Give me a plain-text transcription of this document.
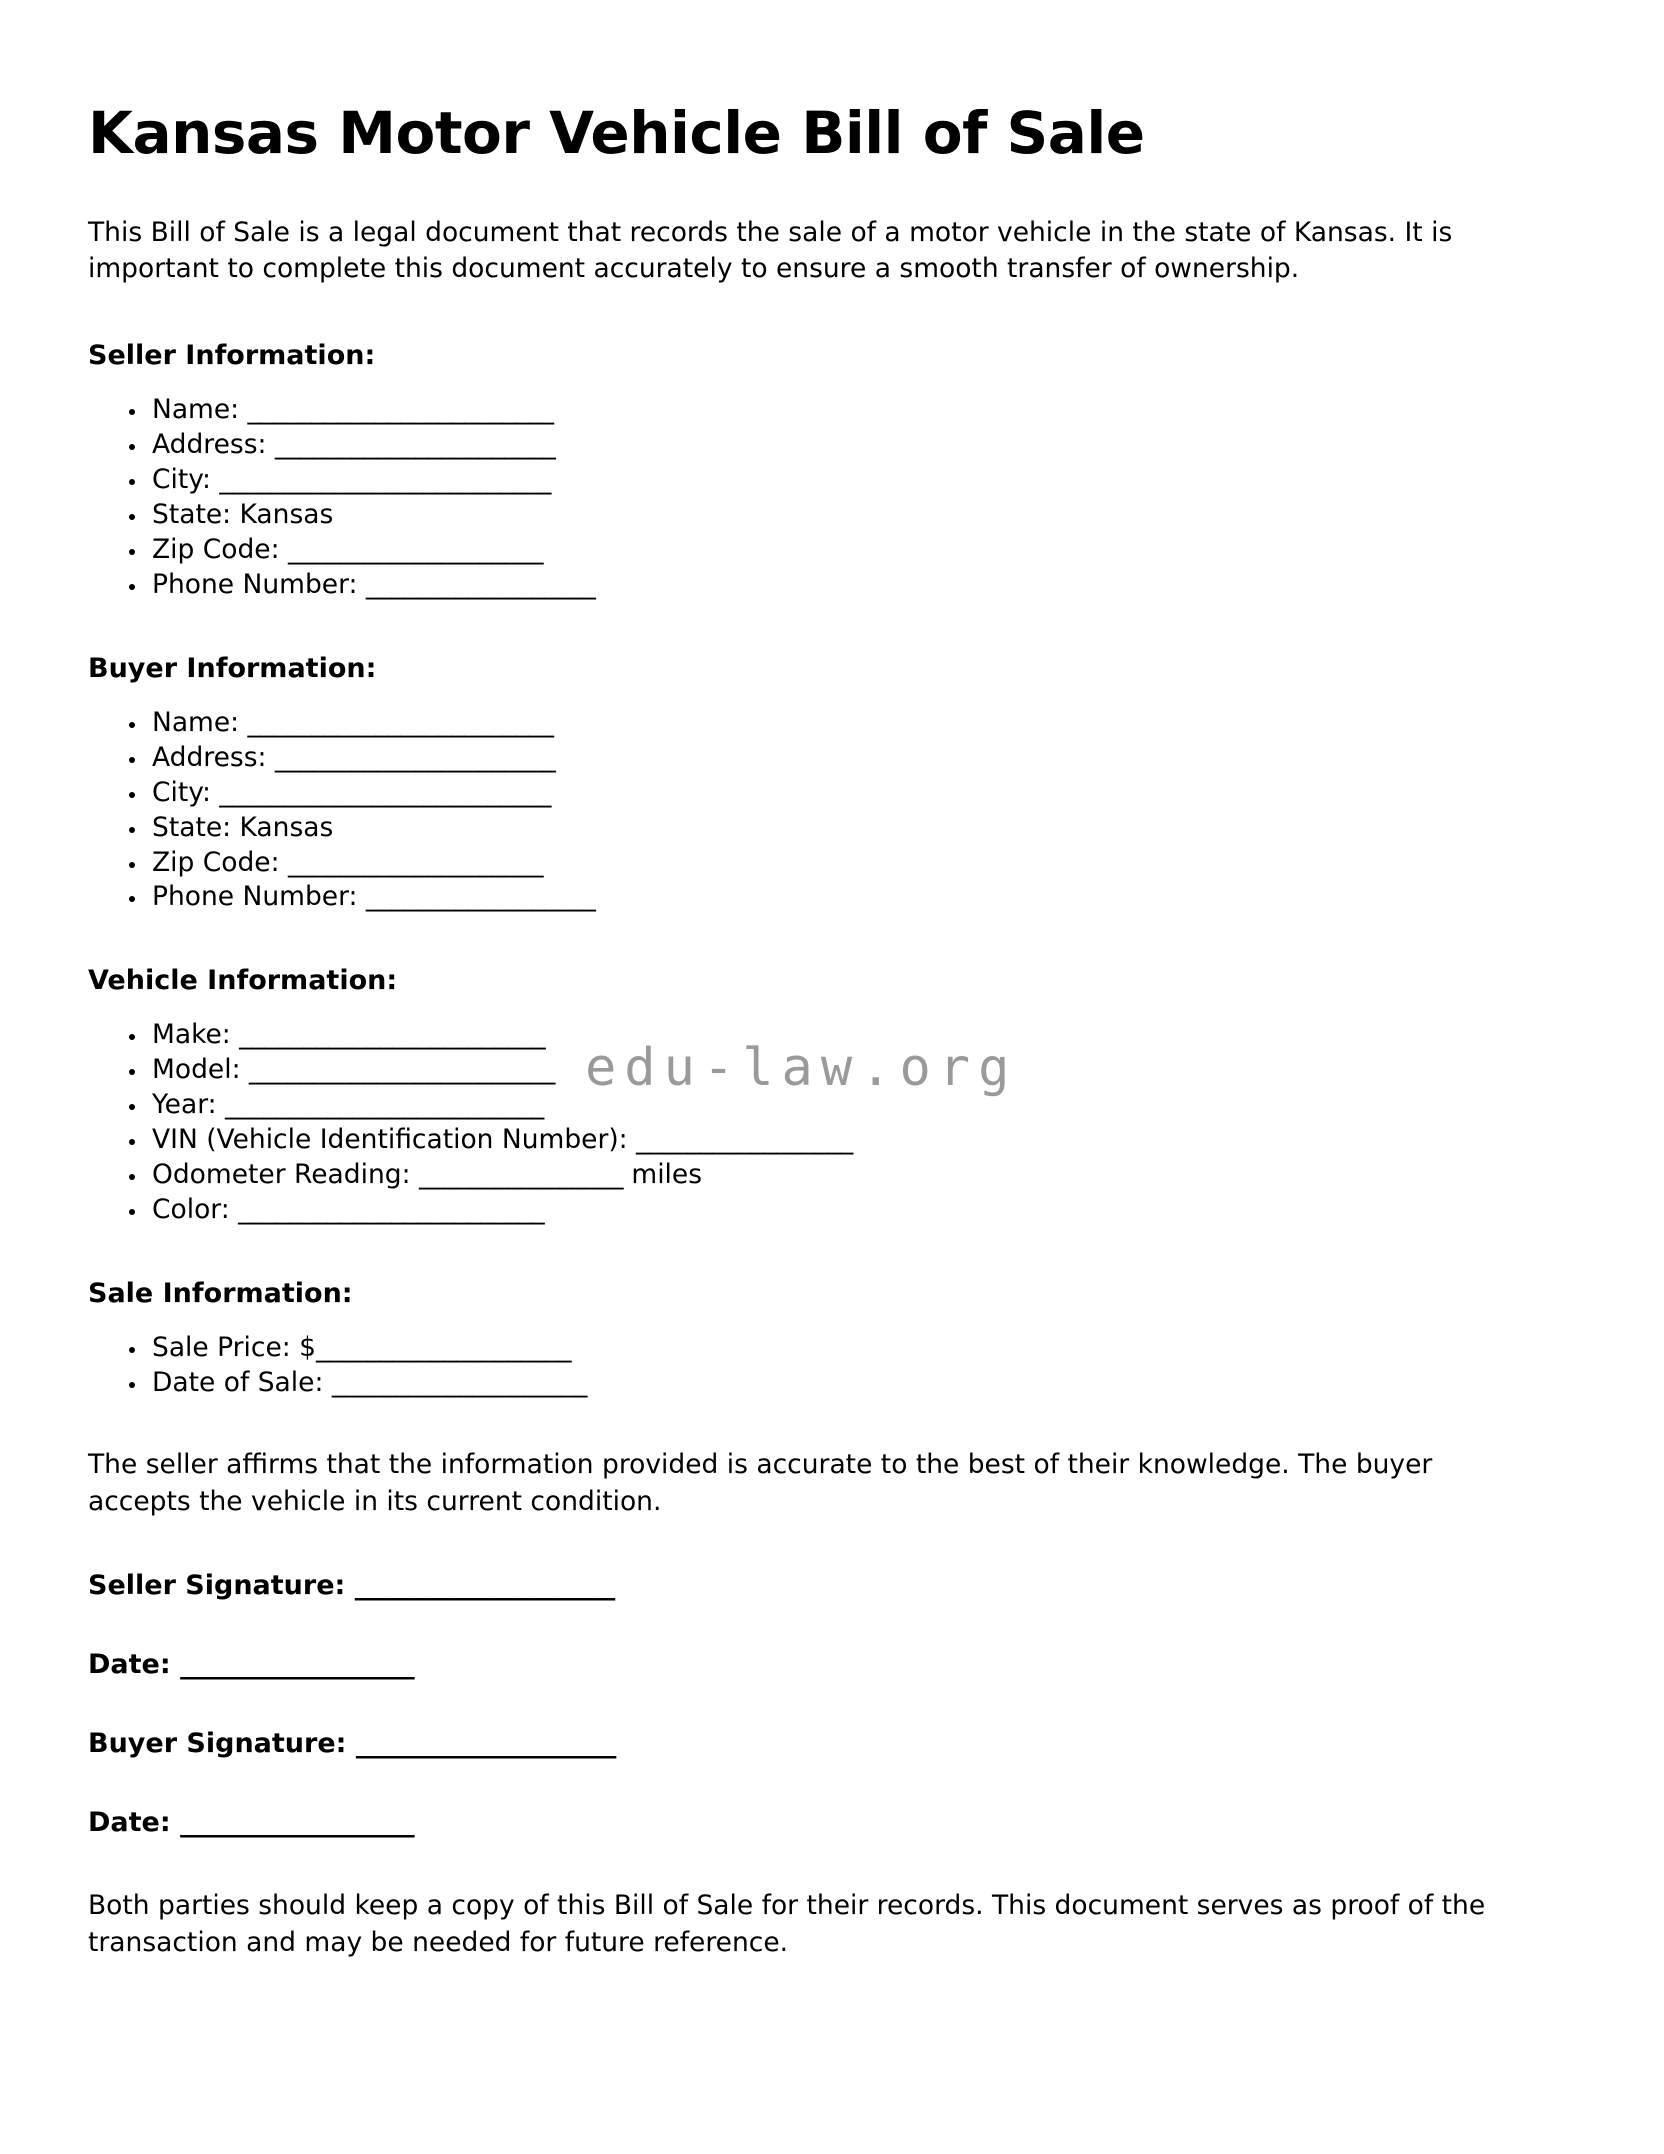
edu-law.org
Kansas Motor Vehicle Bill of Sale

This Bill of Sale is a legal document that records the sale of a motor vehicle in the state of Kansas. It is important to complete this document accurately to ensure a smooth transfer of ownership.

Seller Information:
• Name: ________________________
• Address: ______________________
• City: __________________________
• State: Kansas
• Zip Code: ____________________
• Phone Number: __________________
Buyer Information:
• Name: ________________________
• Address: ______________________
• City: __________________________
• State: Kansas
• Zip Code: ____________________
• Phone Number: __________________
Vehicle Information:
• Make: ________________________
• Model: ________________________
• Year: _________________________
• VIN (Vehicle Identification Number): _________________
• Odometer Reading: ________________ miles
• Color: ________________________
Sale Information:
• Sale Price: $____________________
• Date of Sale: ____________________

The seller affirms that the information provided is accurate to the best of their knowledge. The buyer accepts the vehicle in its current condition.

Seller Signature: ____________________

Date: __________________

Buyer Signature: ____________________

Date: __________________

Both parties should keep a copy of this Bill of Sale for their records. This document serves as proof of the transaction and may be needed for future reference.
